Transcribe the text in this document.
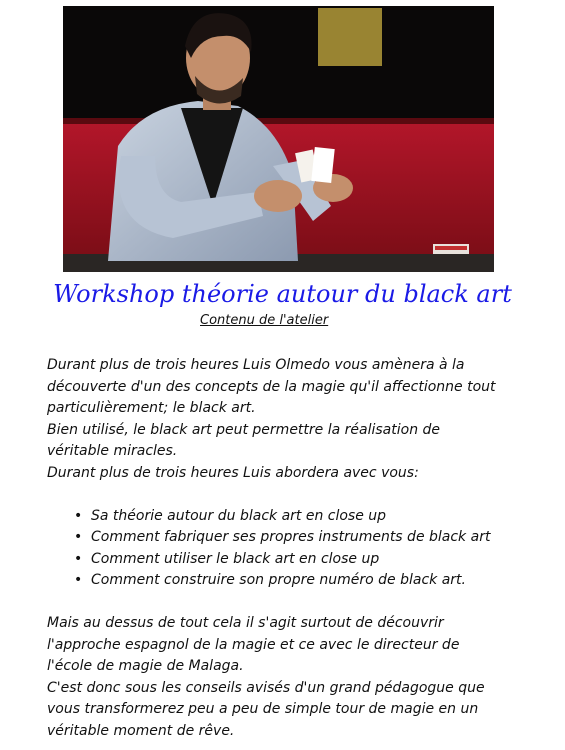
Workshop théorie autour du black art
Contenu de l'atelier

Durant plus de trois heures Luis Olmedo vous amènera à la

découverte d'un des concepts de la magie qu'il affectionne tout

particulièrement; le black art.

Bien utilisé, le black art peut permettre la réalisation de

véritable miracles.

Durant plus de trois heures Luis abordera avec vous:

• Sa théorie autour du black art en close up
• Comment fabriquer ses propres instruments de black art
• Comment utiliser le black art en close up
• Comment construire son propre numéro de black art.

Mais au dessus de tout cela il s'agit surtout de découvrir

l'approche espagnol de la magie et ce avec le directeur de

l'école de magie de Malaga.

C'est donc sous les conseils avisés d'un grand pédagogue que

vous transformerez peu a peu de simple tour de magie en un

véritable moment de rêve.
